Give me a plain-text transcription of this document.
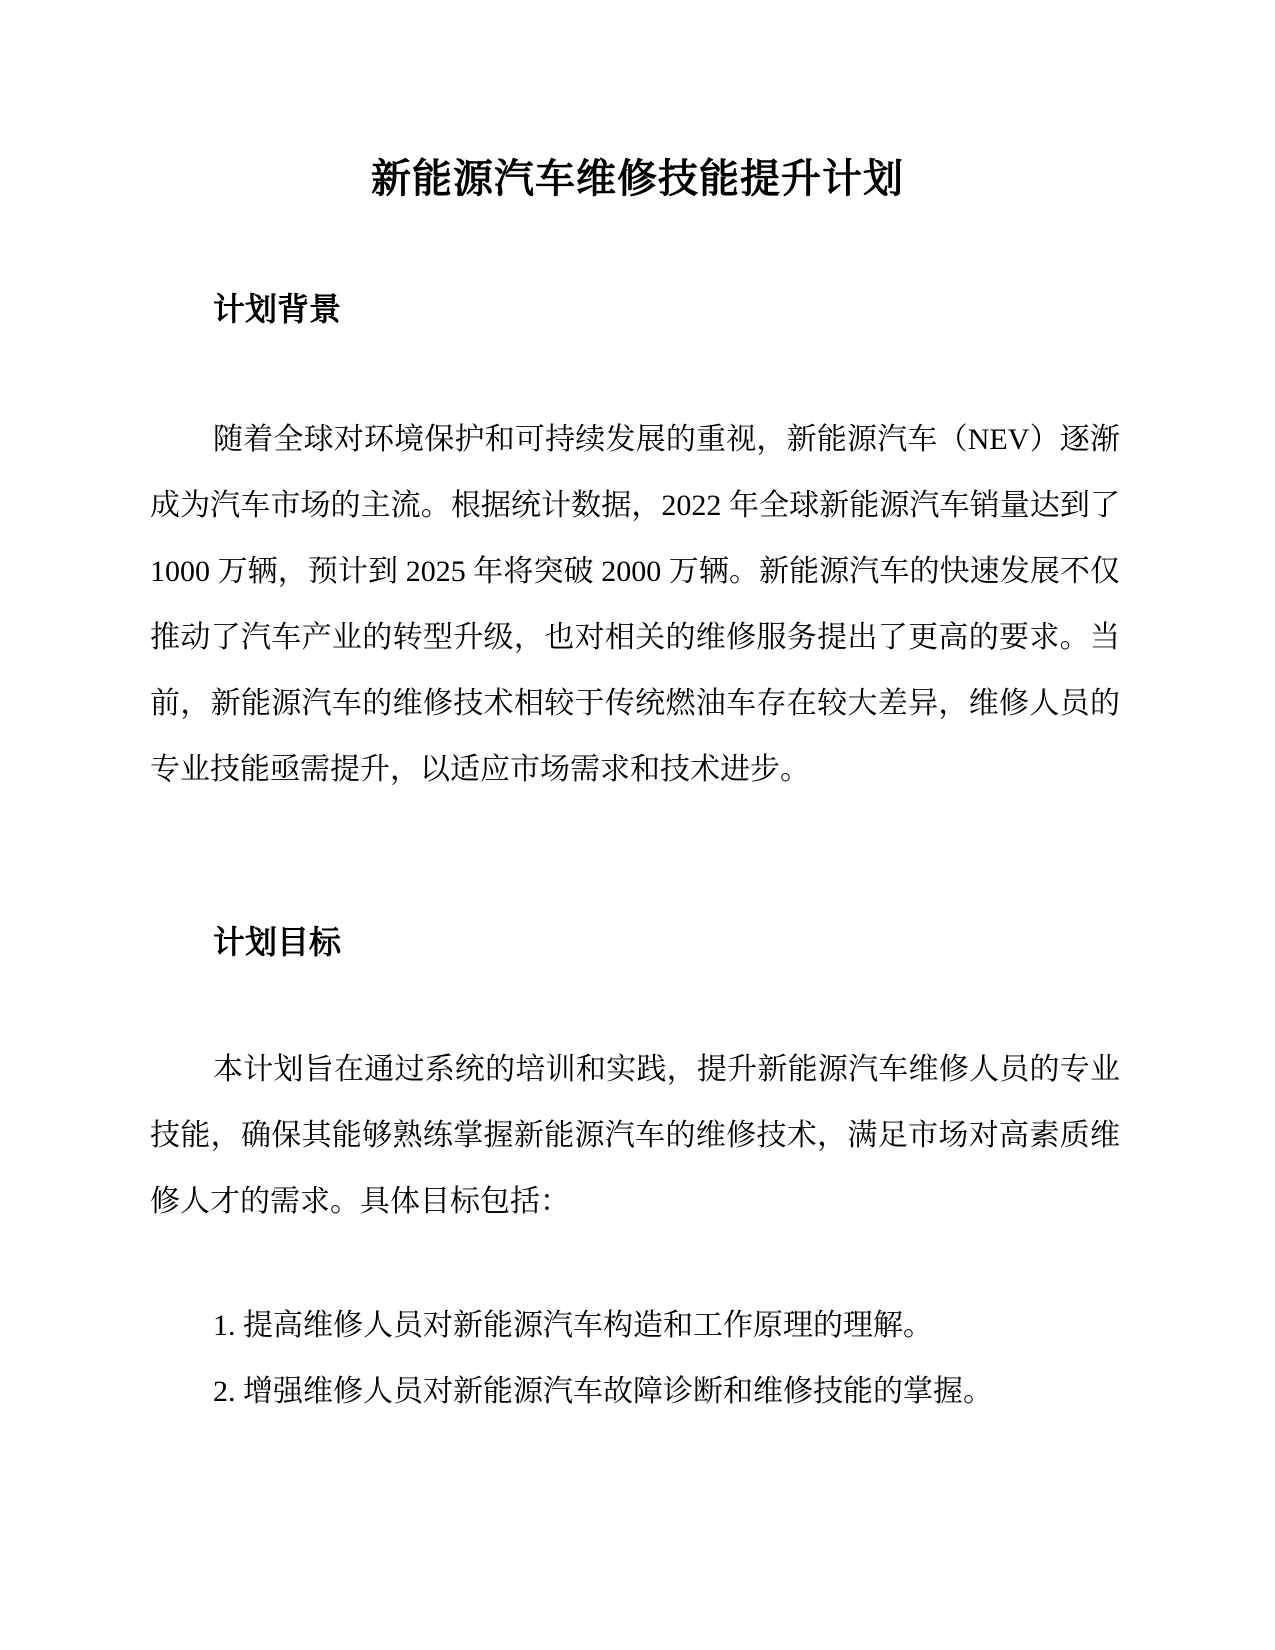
新能源汽车维修技能提升计划
计划背景

随着全球对环境保护和可持续发展的重视，新能源汽车（NEV）逐渐成为汽车市场的主流。根据统计数据，2022 年全球新能源汽车销量达到了 1000 万辆，预计到 2025 年将突破 2000 万辆。新能源汽车的快速发展不仅推动了汽车产业的转型升级，也对相关的维修服务提出了更高的要求。当前，新能源汽车的维修技术相较于传统燃油车存在较大差异，维修人员的专业技能亟需提升，以适应市场需求和技术进步。

计划目标

本计划旨在通过系统的培训和实践，提升新能源汽车维修人员的专业技能，确保其能够熟练掌握新能源汽车的维修技术，满足市场对高素质维修人才的需求。具体目标包括：

1. 提高维修人员对新能源汽车构造和工作原理的理解。
2. 增强维修人员对新能源汽车故障诊断和维修技能的掌握。
